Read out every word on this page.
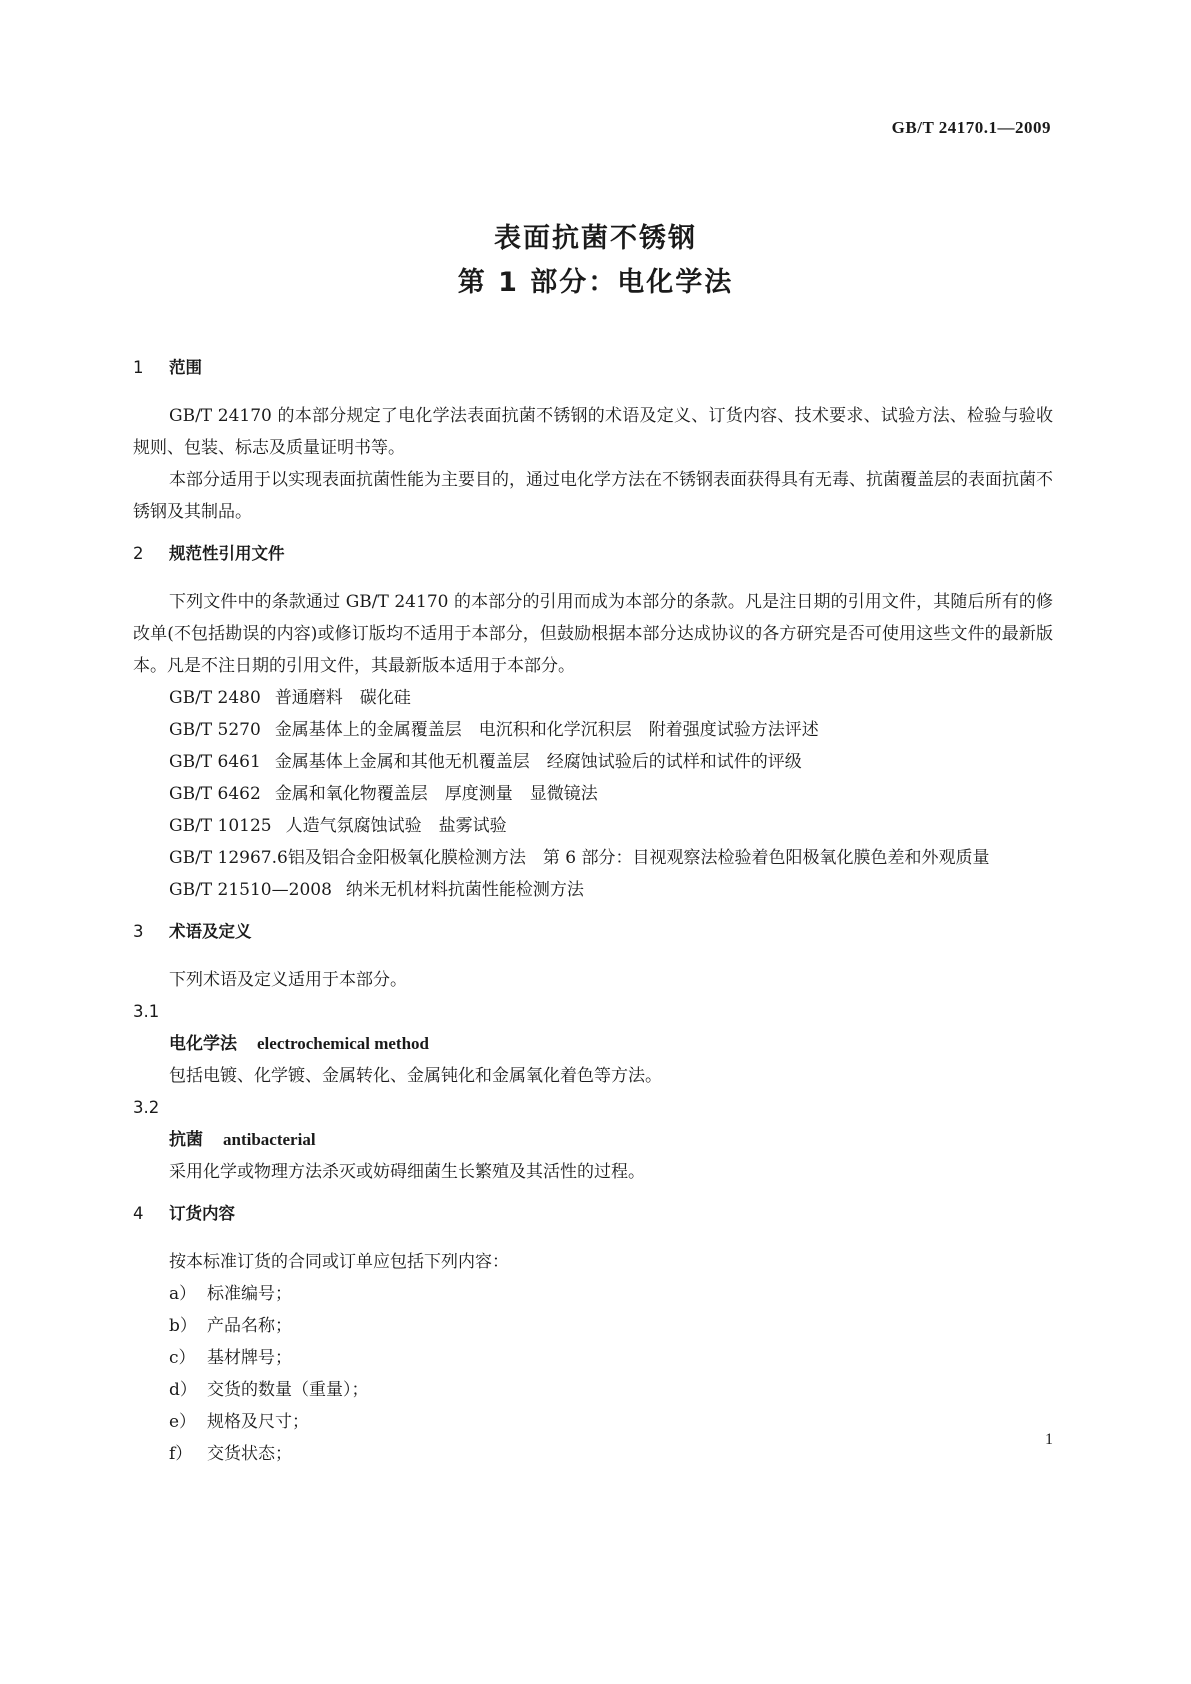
GB/T 24170.1—2009
表面抗菌不锈钢
第 1 部分：电化学法
1 范围

GB/T 24170 的本部分规定了电化学法表面抗菌不锈钢的术语及定义、订货内容、技术要求、试验方法、检验与验收规则、包装、标志及质量证明书等。

本部分适用于以实现表面抗菌性能为主要目的，通过电化学方法在不锈钢表面获得具有无毒、抗菌覆盖层的表面抗菌不锈钢及其制品。

2 规范性引用文件

下列文件中的条款通过 GB/T 24170 的本部分的引用而成为本部分的条款。凡是注日期的引用文件，其随后所有的修改单(不包括勘误的内容)或修订版均不适用于本部分，但鼓励根据本部分达成协议的各方研究是否可使用这些文件的最新版本。凡是不注日期的引用文件，其最新版本适用于本部分。

GB/T 2480 普通磨料　碳化硅

GB/T 5270 金属基体上的金属覆盖层　电沉积和化学沉积层　附着强度试验方法评述

GB/T 6461 金属基体上金属和其他无机覆盖层　经腐蚀试验后的试样和试件的评级

GB/T 6462 金属和氧化物覆盖层　厚度测量　显微镜法

GB/T 10125 人造气氛腐蚀试验　盐雾试验

GB/T 12967.6铝及铝合金阳极氧化膜检测方法　第 6 部分：目视观察法检验着色阳极氧化膜色差和外观质量

GB/T 21510—2008 纳米无机材料抗菌性能检测方法

3 术语及定义

下列术语及定义适用于本部分。

3.1

电化学法 electrochemical method

包括电镀、化学镀、金属转化、金属钝化和金属氧化着色等方法。

3.2

抗菌 antibacterial

采用化学或物理方法杀灭或妨碍细菌生长繁殖及其活性的过程。

4 订货内容

按本标准订货的合同或订单应包括下列内容：

a） 标准编号；

b） 产品名称；

c） 基材牌号；

d） 交货的数量（重量）；

e） 规格及尺寸；

f） 交货状态；

1
